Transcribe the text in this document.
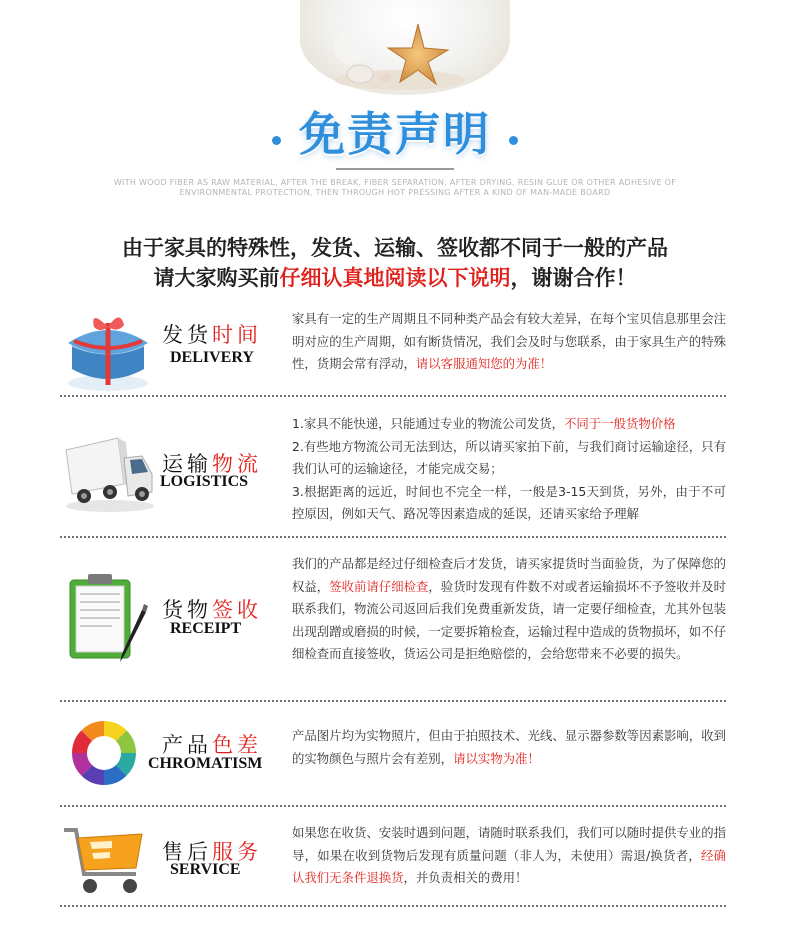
免责声明
WITH WOOD FIBER AS RAW MATERIAL, AFTER THE BREAK, FIBER SEPARATION, AFTER DRYING, RESIN GLUE OR OTHER ADHESIVE OF ENVIRONMENTAL PROTECTION, THEN THROUGH HOT PRESSING AFTER A KIND OF MAN-MADE BOARD
由于家具的特殊性，发货、运输、签收都不同于一般的产品
请大家购买前仔细认真地阅读以下说明，谢谢合作！
发货时间
DELIVERY
家具有一定的生产周期且不同种类产品会有较大差异，在每个宝贝信息那里会注明对应的生产周期，如有断货情况，我们会及时与您联系，由于家具生产的特殊性，货期会常有浮动，请以客服通知您的为准！
运输物流
LOGISTICS
1.家具不能快递，只能通过专业的物流公司发货，不同于一般货物价格
2.有些地方物流公司无法到达，所以请买家拍下前，与我们商讨运输途径，只有我们认可的运输途径，才能完成交易；
3.根据距离的远近，时间也不完全一样，一般是3-15天到货，另外，由于不可控原因，例如天气、路况等因素造成的延误，还请买家给予理解
货物签收
RECEIPT
我们的产品都是经过仔细检查后才发货，请买家提货时当面验货，为了保障您的权益，签收前请仔细检查，验货时发现有件数不对或者运输损坏不予签收并及时联系我们，物流公司返回后我们免费重新发货，请一定要仔细检查，尤其外包装出现刮蹭或磨损的时候，一定要拆箱检查，运输过程中造成的货物损坏，如不仔细检查而直接签收，货运公司是拒绝赔偿的，会给您带来不必要的损失。
产品色差
CHROMATISM
产品图片均为实物照片，但由于拍照技术、光线、显示器参数等因素影响，收到的实物颜色与照片会有差别，请以实物为准！
售后服务
SERVICE
如果您在收货、安装时遇到问题，请随时联系我们，我们可以随时提供专业的指导，如果在收到货物后发现有质量问题（非人为，未使用）需退/换货者，经确认我们无条件退换货，并负责相关的费用！
